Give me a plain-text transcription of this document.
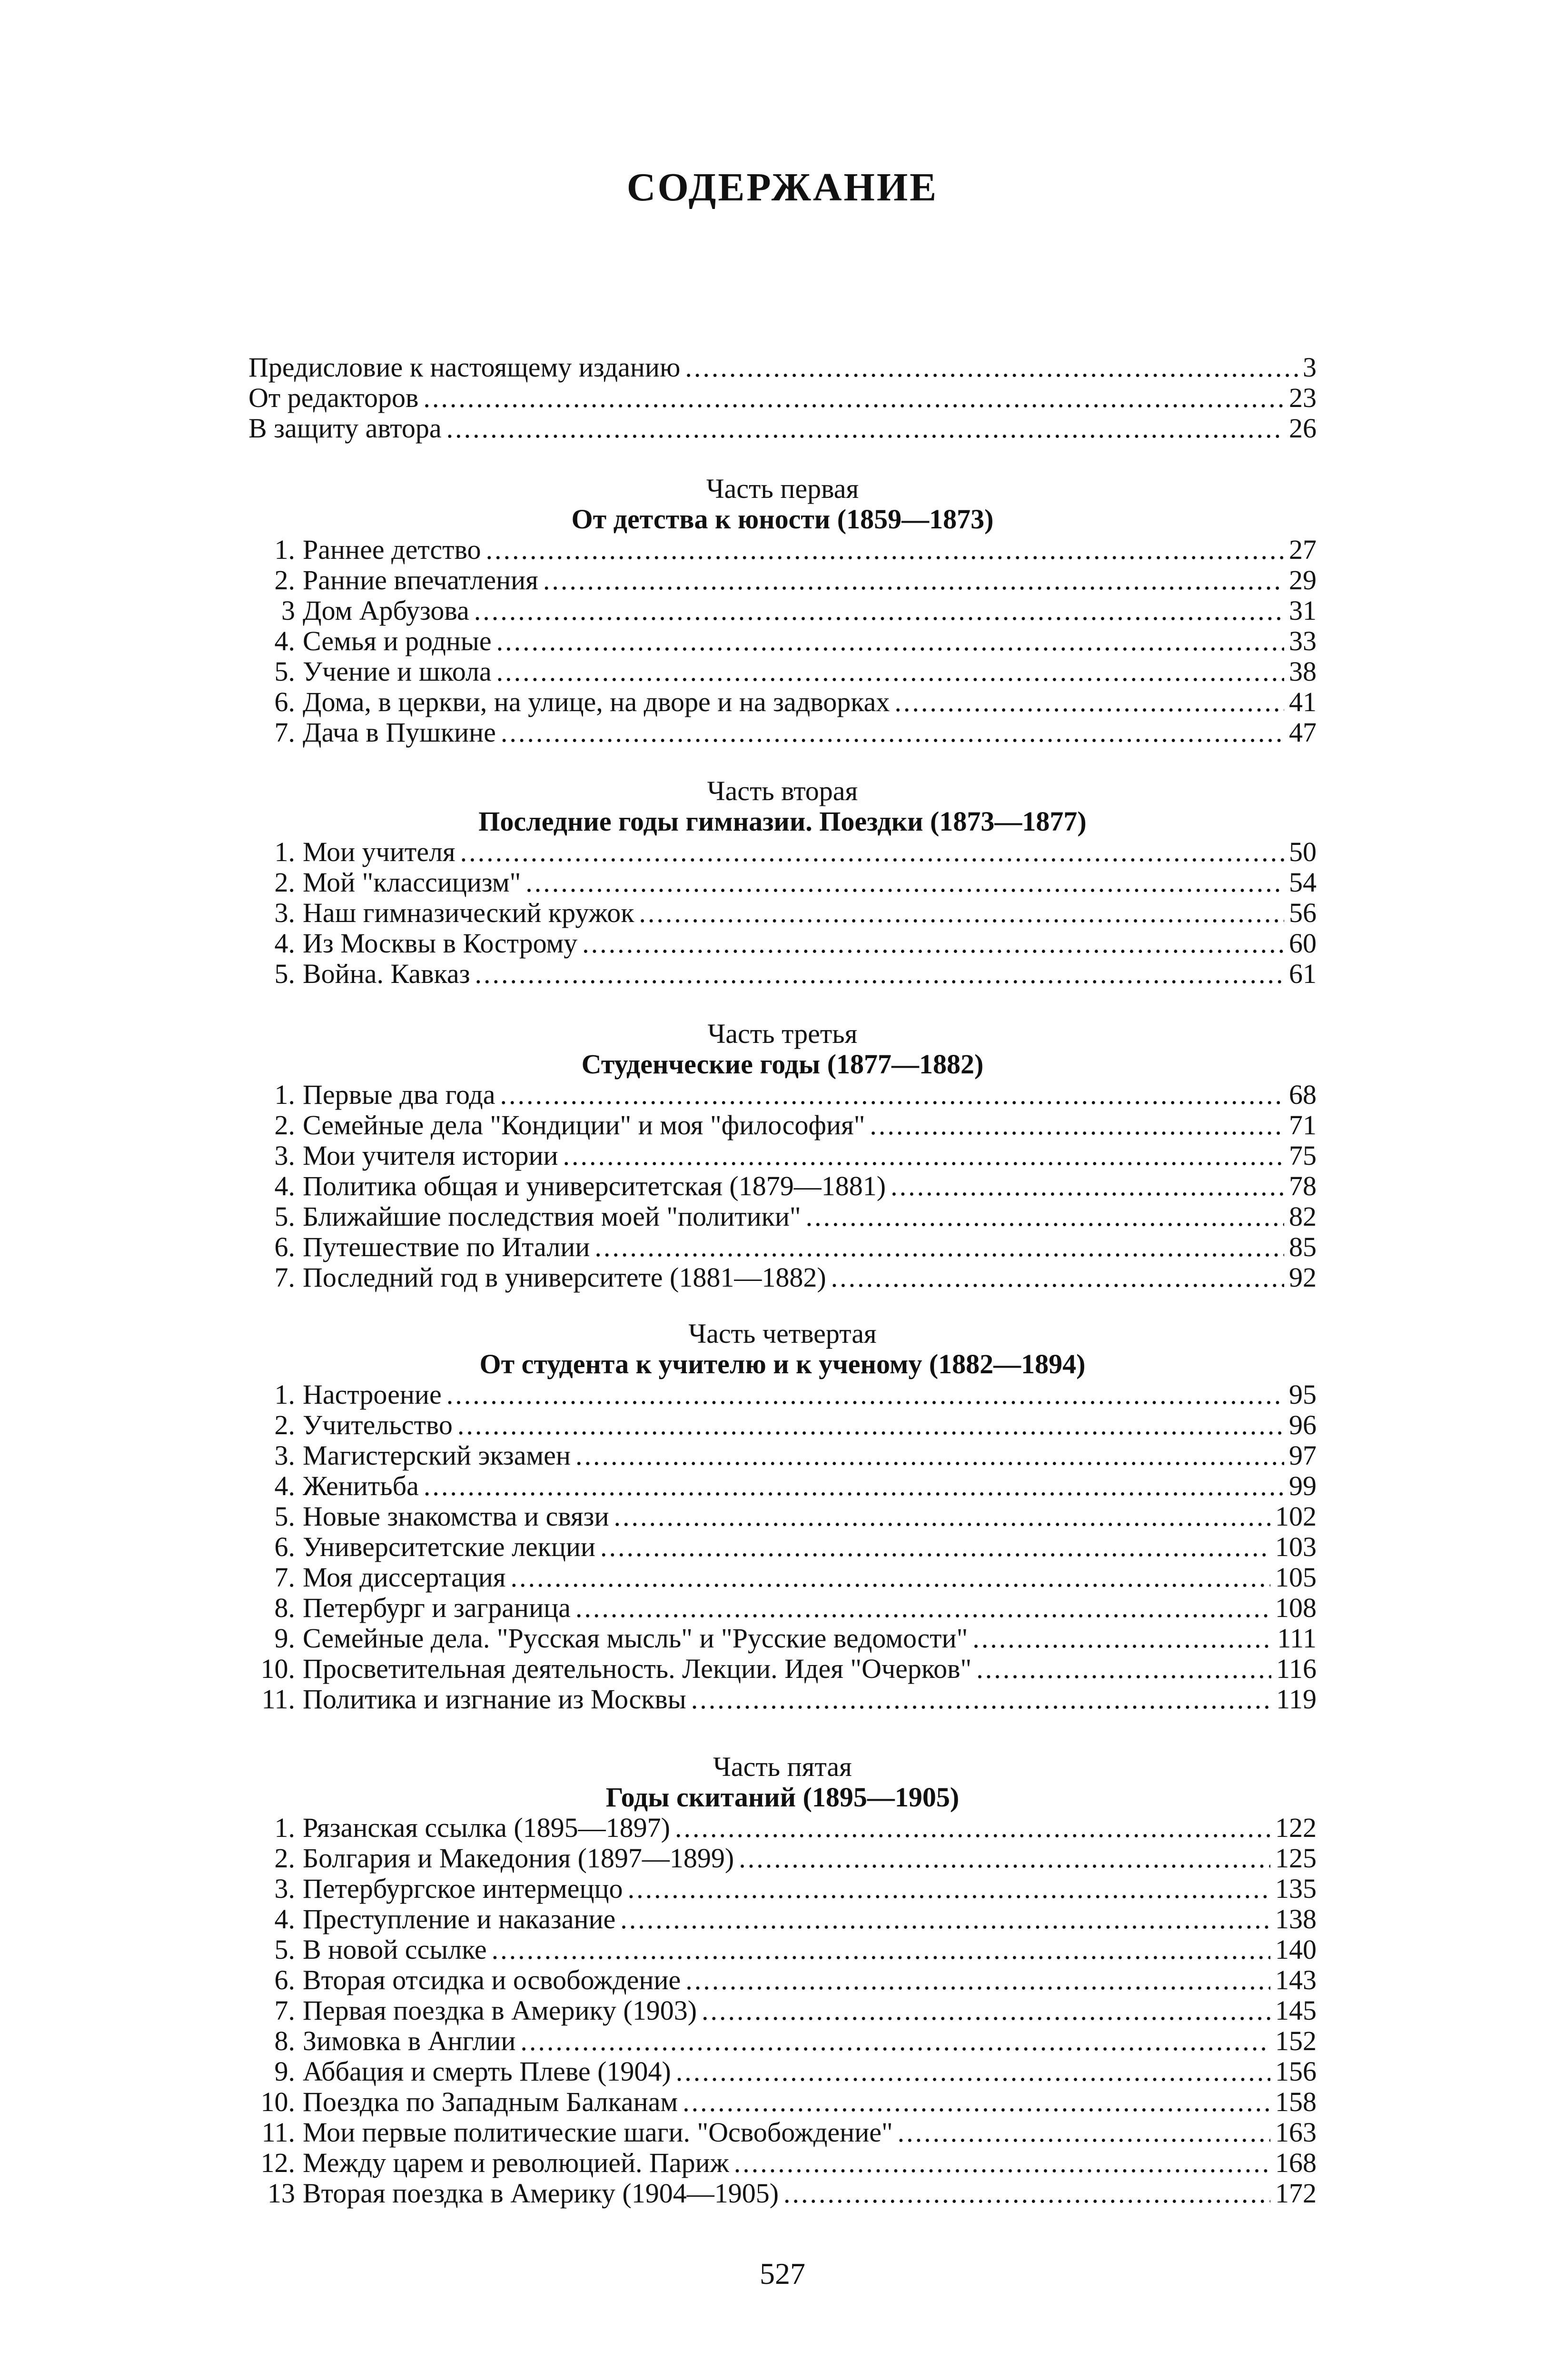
СОДЕРЖАНИЕ
Предисловие к настоящему изданию .....	3
От редакторов .....	23
В защиту автора .....	26
Часть первая
От детства к юности (1859—1873)
1. Раннее детство .....	27
2. Ранние впечатления .....	29
3 Дом Арбузова .....	31
4. Семья и родные .....	33
5. Учение и школа .....	38
6. Дома, в церкви, на улице, на дворе и на задворках .....	41
7. Дача в Пушкине .....	47
Часть вторая
Последние годы гимназии. Поездки (1873—1877)
1. Мои учителя .....	50
2. Мой "классицизм" .....	54
3. Наш гимназический кружок .....	56
4. Из Москвы в Кострому .....	60
5. Война. Кавказ .....	61
Часть третья
Студенческие годы (1877—1882)
1. Первые два года .....	68
2. Семейные дела "Кондиции" и моя "философия" .....	71
3. Мои учителя истории .....	75
4. Политика общая и университетская (1879—1881) .....	78
5. Ближайшие последствия моей "политики" .....	82
6. Путешествие по Италии .....	85
7. Последний год в университете (1881—1882) .....	92
Часть четвертая
От студента к учителю и к ученому (1882—1894)
1. Настроение .....	95
2. Учительство .....	96
3. Магистерский экзамен .....	97
4. Женитьба .....	99
5. Новые знакомства и связи .....	102
6. Университетские лекции .....	103
7. Моя диссертация .....	105
8. Петербург и заграница .....	108
9. Семейные дела. "Русская мысль" и "Русские ведомости" .....	111
10. Просветительная деятельность. Лекции. Идея "Очерков" .....	116
11. Политика и изгнание из Москвы .....	119
Часть пятая
Годы скитаний (1895—1905)
1. Рязанская ссылка (1895—1897) .....	122
2. Болгария и Македония (1897—1899) .....	125
3. Петербургское интермеццо .....	135
4. Преступление и наказание .....	138
5. В новой ссылке .....	140
6. Вторая отсидка и освобождение .....	143
7. Первая поездка в Америку (1903) .....	145
8. Зимовка в Англии .....	152
9. Аббация и смерть Плеве (1904) .....	156
10. Поездка по Западным Балканам .....	158
11. Мои первые политические шаги. "Освобождение" .....	163
12. Между царем и революцией. Париж .....	168
13 Вторая поездка в Америку (1904—1905) .....	172
527
